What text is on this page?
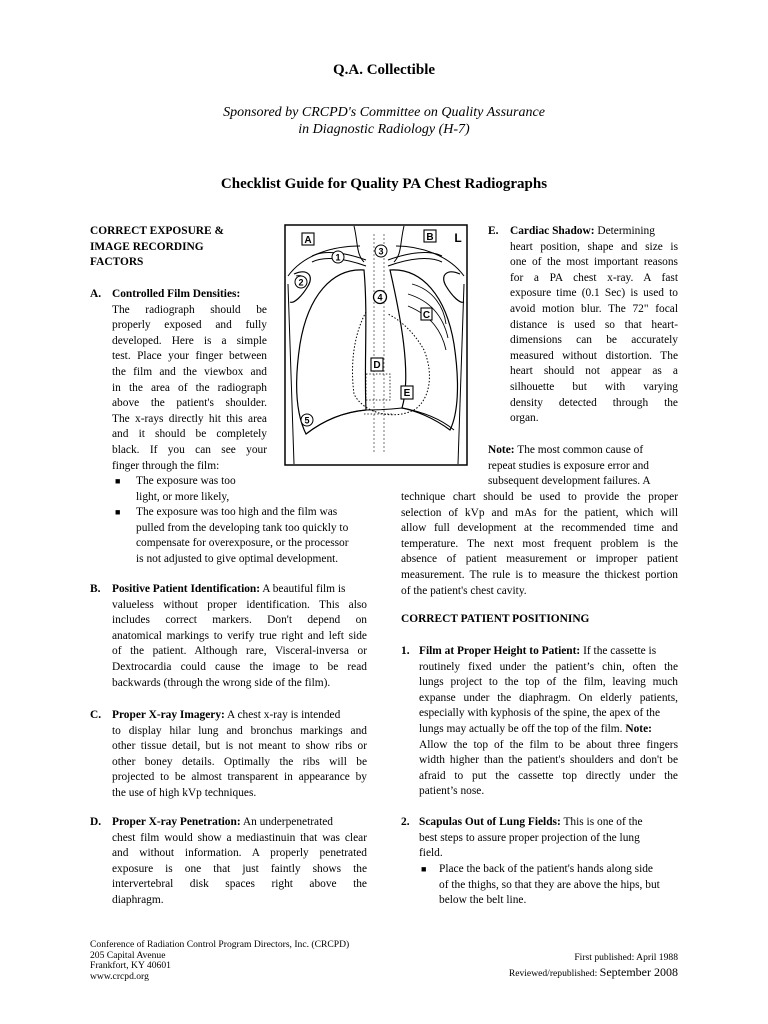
Q.A. Collectible
Sponsored by CRCPD's Committee on Quality Assurance
in Diagnostic Radiology (H-7)
Checklist Guide for Quality PA Chest Radiographs
CORRECT EXPOSURE &
IMAGE RECORDING
FACTORS
A. Controlled Film Densities:
The radiograph should be
properly exposed and fully
developed. Here is a simple
test. Place your finger between
the film and the viewbox and
in the area of the radiograph
above the patient's shoulder.
The x-rays directly hit this area
and it should be completely
black. If you can see your
finger through the film:
■ The exposure was too
light, or more likely,
■ The exposure was too high and the film was
pulled from the developing tank too quickly to
compensate for overexposure, or the processor
is not adjusted to give optimal development.
B. Positive Patient Identification: A beautiful film is
valueless without proper identification. This also
includes correct markers. Don't depend on
anatomical markings to verify true right and left side
of the patient. Although rare, Visceral-inversa or
Dextrocardia could cause the image to be read
backwards (through the wrong side of the film).
C. Proper X-ray Imagery: A chest x-ray is intended
to display hilar lung and bronchus markings and
other tissue detail, but is not meant to show ribs or
other boney details. Optimally the ribs will be
projected to be almost transparent in appearance by
the use of high kVp techniques.
D. Proper X-ray Penetration: An underpenetrated
chest film would show a mediastinuin that was clear
and without information. A properly penetrated
exposure is one that just faintly shows the
intervertebral disk spaces right above the
diaphragm.
A	B L
C
D
E
1
2
3
4
5
E. Cardiac Shadow: Determining
heart position, shape and size is
one of the most important reasons
for a PA chest x-ray. A fast
exposure time (0.1 Sec) is used to
avoid motion blur. The 72" focal
distance is used so that heart-
dimensions can be accurately
measured without distortion. The
heart should not appear as a
silhouette but with varying
density detected through the
organ.
Note: The most common cause of
repeat studies is exposure error and
subsequent development failures. A
technique chart should be used to provide the proper
selection of kVp and mAs for the patient, which will
allow full development at the recommended time and
temperature. The next most frequent problem is the
absence of patient measurement or improper patient
measurement. The rule is to measure the thickest portion
of the patient's chest cavity.
CORRECT PATIENT POSITIONING
1. Film at Proper Height to Patient: If the cassette is
routinely fixed under the patient’s chin, often the
lungs project to the top of the film, leaving much
expanse under the diaphragm. On elderly patients,
especially with kyphosis of the spine, the apex of the
lungs may actually be off the top of the film. Note:
Allow the top of the film to be about three fingers
width higher than the patient's shoulders and don't be
afraid to put the cassette top directly under the
patient’s nose.
2. Scapulas Out of Lung Fields: This is one of the
best steps to assure proper projection of the lung
field.
■ Place the back of the patient's hands along side
of the thighs, so that they are above the hips, but
below the belt line.
Conference of Radiation Control Program Directors, Inc. (CRCPD)
205 Capital Avenue
Frankfort, KY 40601
www.crcpd.org
First published: April 1988
Reviewed/republished: September 2008
